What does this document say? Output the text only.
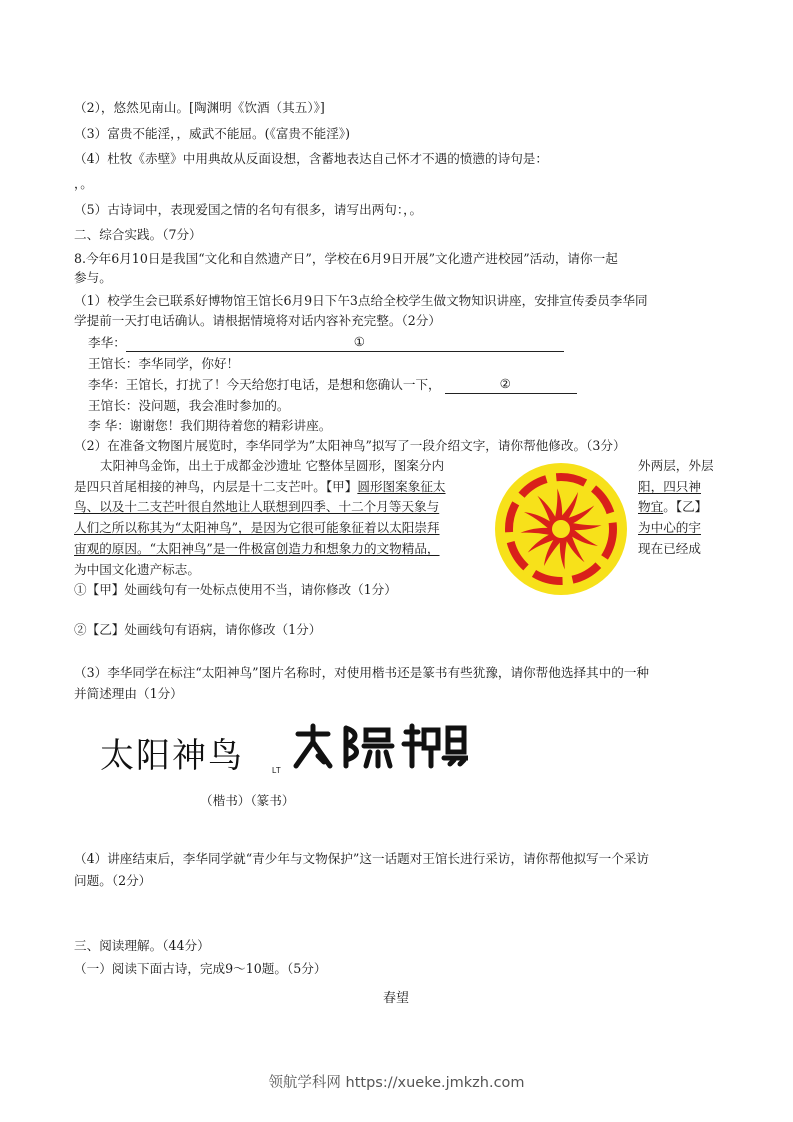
（2），悠然见南山。[陶渊明《饮酒（其五）》]
（3）富贵不能淫，，威武不能屈。(《富贵不能淫》)
（4）杜牧《赤壁》中用典故从反面设想，含蓄地表达自己怀才不遇的愤懑的诗句是：
，。
（5）古诗词中，表现爱国之情的名句有很多，请写出两句：，。
二、综合实践。（7分）
8.今年6月10日是我国“文化和自然遗产日”，学校在6月9日开展”文化遗产进校园”活动，请你一起
参与。
（1）校学生会已联系好博物馆王馆长6月9日下午3点给全校学生做文物知识讲座，安排宣传委员李华同
学提前一天打电话确认。请根据情境将对话内容补充完整。（2分）
李华：	①
王馆长：李华同学，你好！
李华：王馆长，打扰了！今天给您打电话，是想和您确认一下，	②
王馆长：没问题，我会准时参加的。
李 华：谢谢您！我们期待着您的精彩讲座。
（2）在准备文物图片展览时，李华同学为”太阳神鸟”拟写了一段介绍文字，请你帮他修改。（3分）
太阳神鸟金饰，出土于成都金沙遗址 它整体呈圆形，图案分内
是四只首尾相接的神鸟，内层是十二支芒叶。【甲】圆形图案象征太
鸟、以及十二支芒叶很自然地让人联想到四季、十二个月等天象与
人们之所以称其为“太阳神鸟”，是因为它很可能象征着以太阳崇拜
宙观的原因。“太阳神鸟”是一件极富创造力和想象力的文物精品，
为中国文化遗产标志。
外两层，外层
阳，四只神
物宜。【乙】
为中心的宇
现在已经成
①【甲】处画线句有一处标点使用不当，请你修改（1分）
②【乙】处画线句有语病，请你修改（1分）
（3）李华同学在标注“太阳神鸟”图片名称时，对使用楷书还是篆书有些犹豫，请你帮他选择其中的一种
并简述理由（1分）
太阳神鸟	LT
（楷书）（篆书）
（4）讲座结束后，李华同学就“青少年与文物保护”这一话题对王馆长进行采访，请你帮他拟写一个采访
问题。（2分）
三、阅读理解。（44分）
（一）阅读下面古诗，完成9～10题。（5分）
春望
领航学科网 https://xueke.jmkzh.com
